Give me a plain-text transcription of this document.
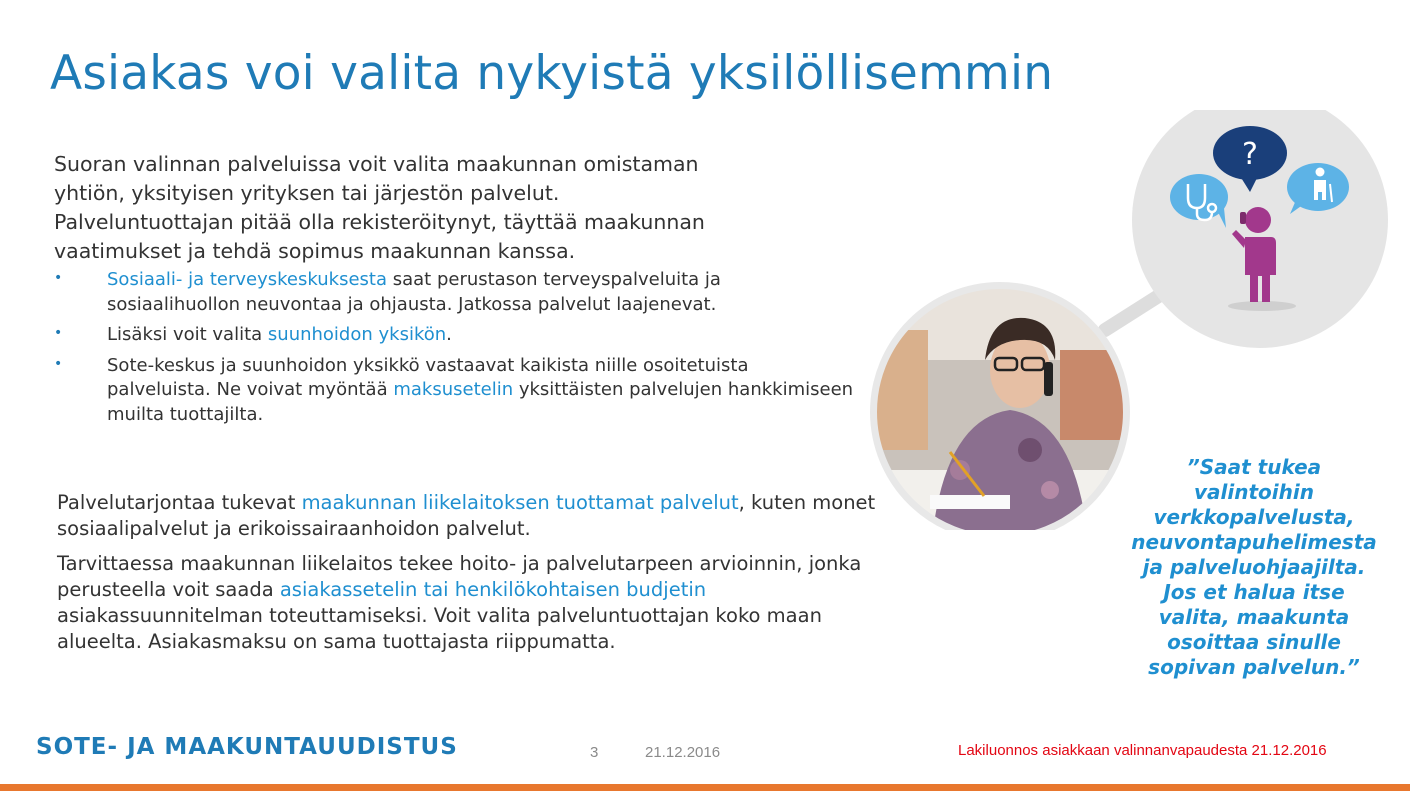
Asiakas voi valita nykyistä yksilöllisemmin

Suoran valinnan palveluissa voit valita maakunnan omistaman

yhtiön, yksityisen yrityksen tai järjestön palvelut.

Palveluntuottajan pitää olla rekisteröitynyt, täyttää maakunnan

vaatimukset ja tehdä sopimus maakunnan kanssa.

• Sosiaali- ja terveyskeskuksesta saat perustason terveyspalveluita ja sosiaalihuollon neuvontaa ja ohjausta. Jatkossa palvelut laajenevat.
• Lisäksi voit valita suunhoidon yksikön.
• Sote-keskus ja suunhoidon yksikkö vastaavat kaikista niille osoitetuista palveluista. Ne voivat myöntää maksusetelin yksittäisten palvelujen hankkimiseen muilta tuottajilta.

Palvelutarjontaa tukevat maakunnan liikelaitoksen tuottamat palvelut, kuten monet sosiaalipalvelut ja erikoissairaanhoidon palvelut.

Tarvittaessa maakunnan liikelaitos tekee hoito- ja palvelutarpeen arvioinnin, jonka perusteella voit saada asiakassetelin tai henkilökohtaisen budjetin asiakassuunnitelman toteuttamiseksi. Voit valita palveluntuottajan koko maan alueelta. Asiakasmaksu on sama tuottajasta riippumatta.

?

”Saat tukea

valintoihin

verkkopalvelusta,

neuvontapuhelimesta

ja palveluohjaajilta.

Jos et halua itse

valita, maakunta

osoittaa sinulle

sopivan palvelun.”

SOTE- JA MAAKUNTAUUDISTUS	3	21.12.2016	Lakiluonnos asiakkaan valinnanvapaudesta 21.12.2016
